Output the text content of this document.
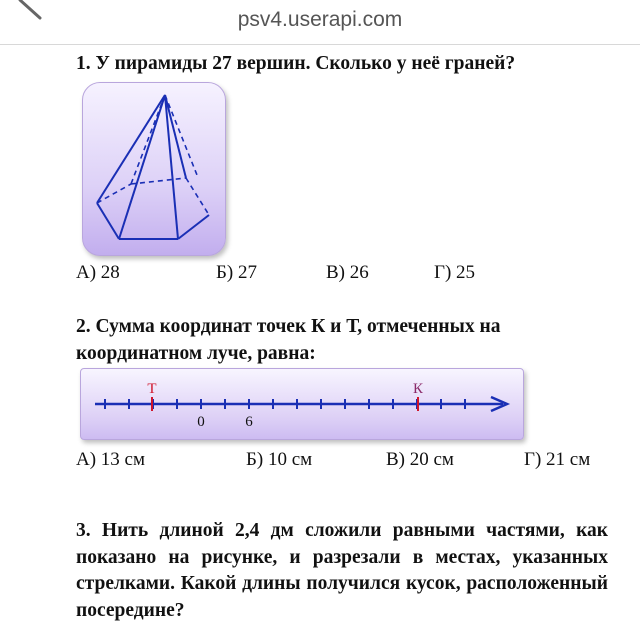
psv4.userapi.com
1. У пирамиды 27 вершин. Сколько у неё граней?
А) 28	Б) 27	В) 26	Г) 25
2. Сумма координат точек К и Т, отмеченных на
координатном луче, равна:
Т	К
0	6
А) 13 см	Б) 10 см	В) 20 см	Г) 21 см
3. Нить длиной 2,4 дм сложили равными частями, как показано на рисунке, и разрезали в местах, указанных стрелками. Какой длины получился кусок, расположенный посередине?
